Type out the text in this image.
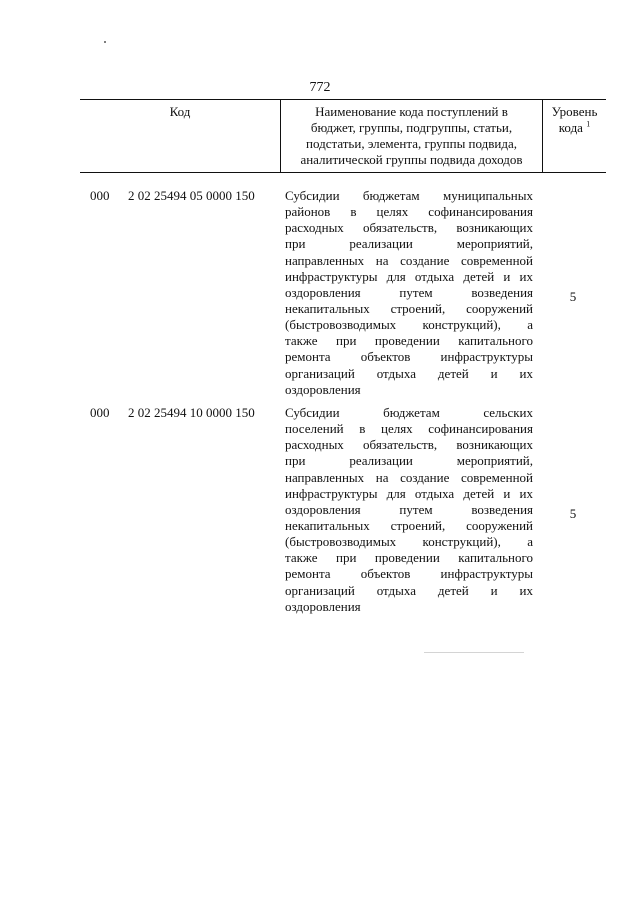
772
Код	Наименование кода поступлений в
бюджет, группы, подгруппы, статьи,
подстатьи, элемента, группы подвида,
аналитической группы подвида доходов
Уровень
кода $^1$
000 2 02 25494 05 0000 150 Субсидии бюджетам муниципальных
районов в целях софинансирования
расходных обязательств, возникающих
при реализации мероприятий,
направленных на создание современной
инфраструктуры для отдыха детей и их
оздоровления путем возведения
некапитальных строений, сооружений
(быстровозводимых конструкций), а
также при проведении капитального
ремонта объектов инфраструктуры
организаций отдыха детей и их
оздоровления
5
000 2 02 25494 10 0000 150 Субсидии бюджетам сельских
поселений в целях софинансирования
расходных обязательств, возникающих
при реализации мероприятий,
направленных на создание современной
инфраструктуры для отдыха детей и их
оздоровления путем возведения
некапитальных строений, сооружений
(быстровозводимых конструкций), а
также при проведении капитального
ремонта объектов инфраструктуры
организаций отдыха детей и их
оздоровления
5
